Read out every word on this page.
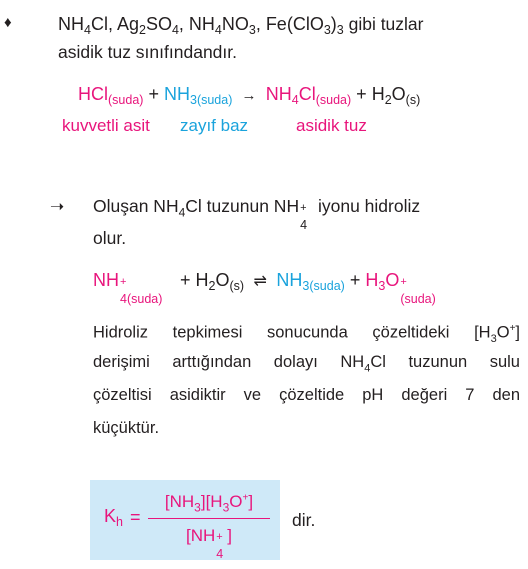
♦	$NH_4Cl$, $Ag_2SO_4$, $NH_4NO_3$, $Fe(ClO_3)_3$ gibi tuzlar
asidik tuz sınıfındandır.
$HCl_{(suda)} + NH_{3(suda)} \to NH_4Cl_{(suda)} + H_2O_{(s)}$
kuvvetli asit zayıf baz	asidik tuz
➝ Oluşan $NH_4Cl$ tuzunun NH +
4
iyonu hidroliz
olur.
NH +
4(suda)
+ $H_2O_{(s)}$  ⇌  $NH_{3(suda)} + H_3O$ +
(suda)
Hidroliz tepkimesi sonucunda çözeltideki $[H_3O^+]$
derişimi arttığından dolayı $NH_4Cl$ tuzunun sulu
çözeltisi asidiktir ve çözeltide pH değeri 7 den
küçüktür.
$K_h$ =
$[NH_3][H_3O^+]$
[NH +
4
]
dir.
